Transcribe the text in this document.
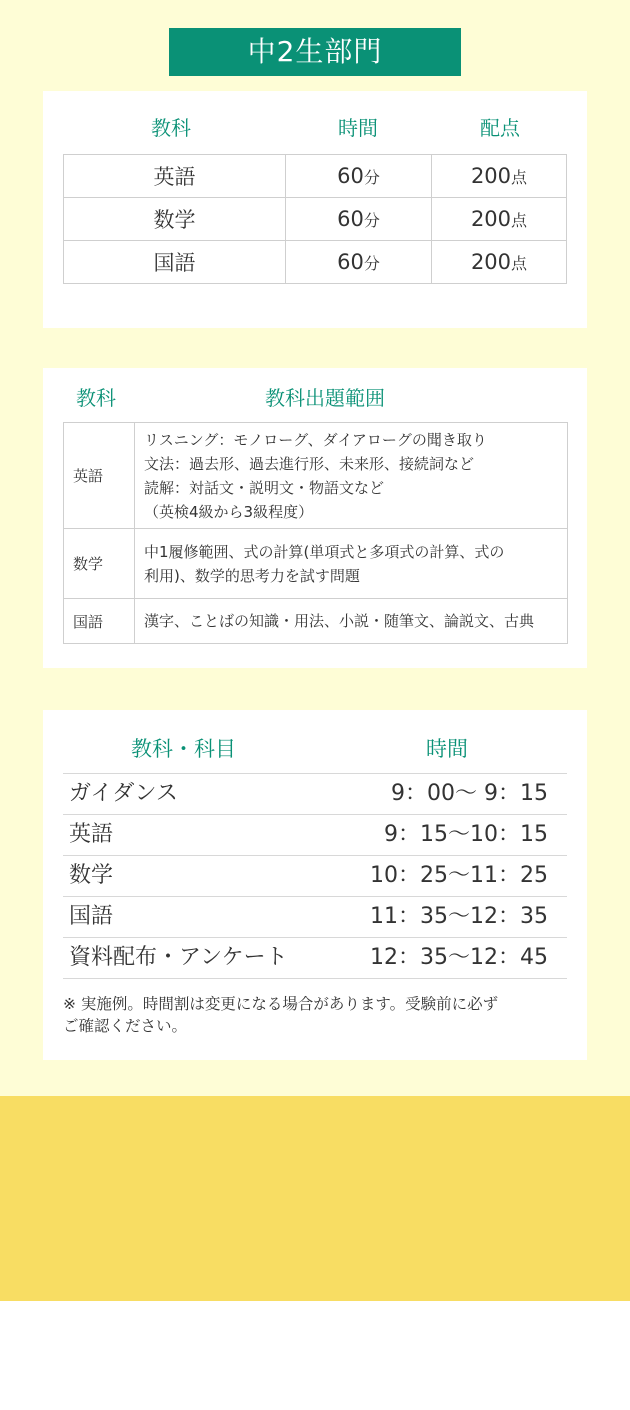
中2生部門
教科	時間	配点
英語	60分	200点
数学	60分	200点
国語	60分	200点
教科	教科出題範囲
英語	リスニング：モノローグ、ダイアローグの聞き取り
文法：過去形、過去進行形、未来形、接続詞など
読解：対話文・説明文・物語文など
（英検4級から3級程度）

数学	中1履修範囲、式の計算(単項式と多項式の計算、式の
利用)、数学的思考力を試す問題

国語	漢字、ことばの知識・用法、小説・随筆文、論説文、古典
教科・科目	時間
ガイダンス	9：00〜 9：15
英語	9：15〜10：15
数学	10：25〜11：25
国語	11：35〜12：35
資料配布・アンケート	12：35〜12：45
※ 実施例。時間割は変更になる場合があります。受験前に必ず
ご確認ください。
